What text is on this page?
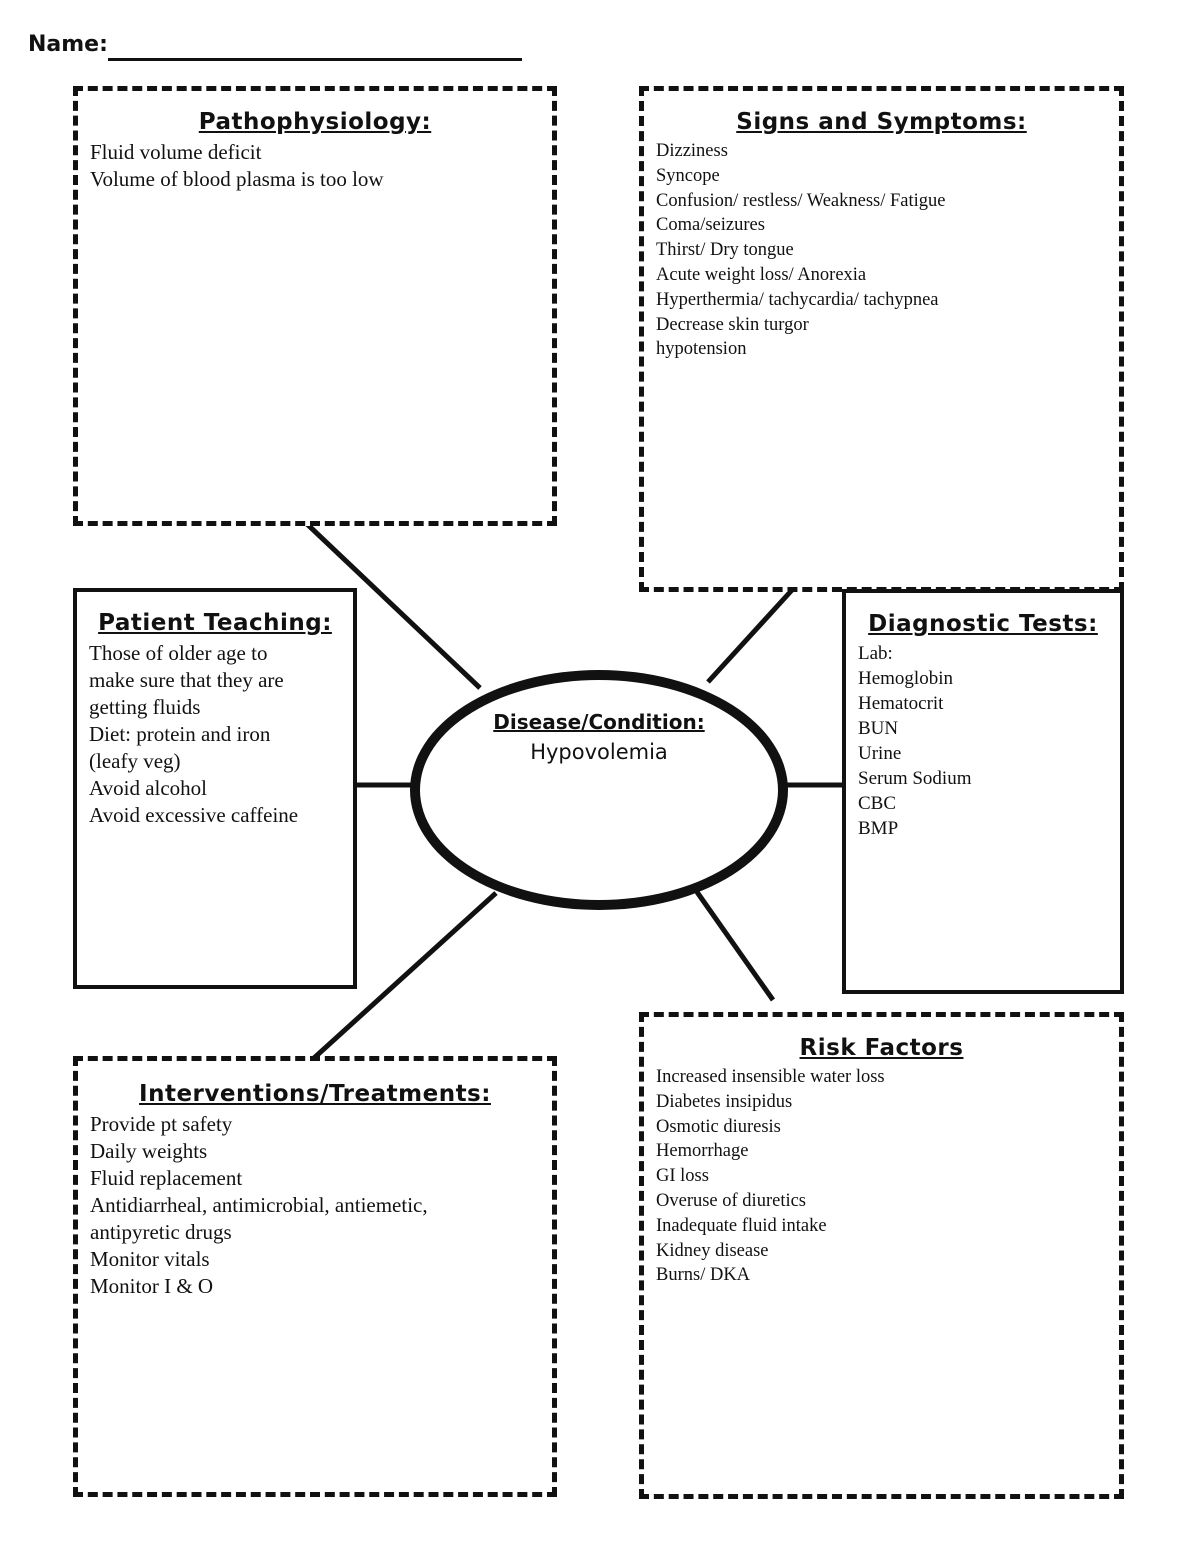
Name:
Pathophysiology:
Fluid volume deficit
Volume of blood plasma is too low
Signs and Symptoms:
Dizziness
Syncope
Confusion/ restless/ Weakness/ Fatigue
Coma/seizures
Thirst/ Dry tongue
Acute weight loss/ Anorexia
Hyperthermia/ tachycardia/ tachypnea
Decrease skin turgor
hypotension
Patient Teaching:
Those of older age to
make sure that they are
getting fluids
Diet: protein and iron
(leafy veg)
Avoid alcohol
Avoid excessive caffeine
Diagnostic Tests:
Lab:
Hemoglobin
Hematocrit
BUN
Urine
Serum Sodium
CBC
BMP
Disease/Condition:
Hypovolemia
Interventions/Treatments:
Provide pt safety
Daily weights
Fluid replacement
Antidiarrheal, antimicrobial, antiemetic,
antipyretic drugs
Monitor vitals
Monitor I & O
Risk Factors
Increased insensible water loss
Diabetes insipidus
Osmotic diuresis
Hemorrhage
GI loss
Overuse of diuretics
Inadequate fluid intake
Kidney disease
Burns/ DKA
